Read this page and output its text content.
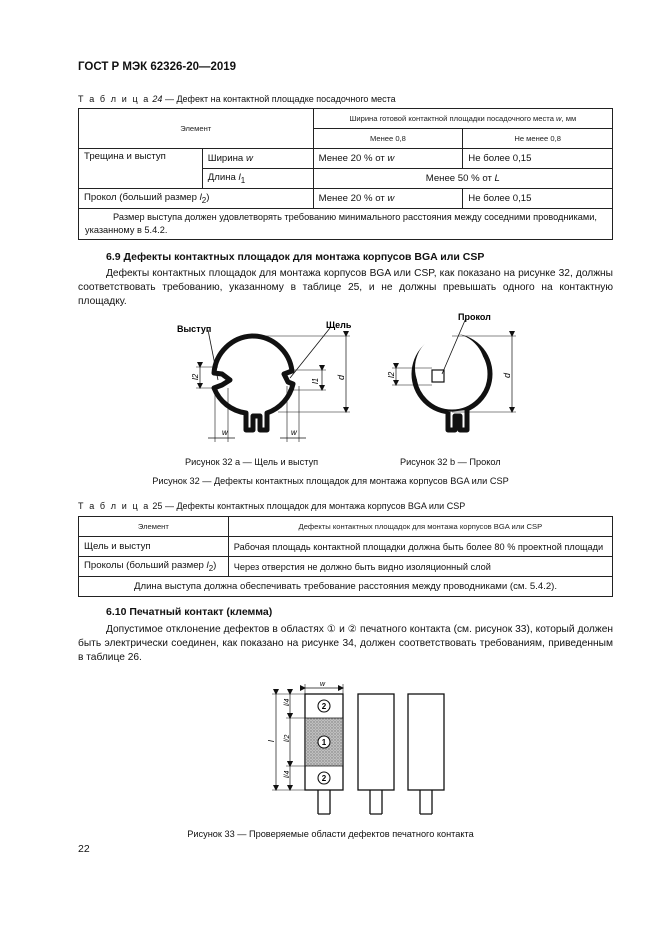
ГОСТ Р МЭК 62326-20—2019
Т а б л и ц а 24 — Дефект на контактной площадке посадочного места
Элемент		Ширина готовой контактной площадки посадочного места w, мм	
		Менее 0,8	Не менее 0,8
Трещина и выступ	Ширина w	Менее 20 % от w	Не более 0,15
	Длина $l_1$	Менее 50 % от L	
Прокол (больший размер $l_2$)		Менее 20 % от w	Не более 0,15
Размер выступа должен удовлетворять требованию минимального расстояния между соседними проводниками, указанному в 5.4.2.			
6.9 Дефекты контактных площадок для монтажа корпусов BGA или CSP
Дефекты контактных площадок для монтажа корпусов BGA или CSP, как показано на рисунке 32, должны соответствовать требованию, указанному в таблице 25, и не должны превышать одного на контактную площадку.
Выступ	Щель
l2
l1
d
w	w
Прокол
l2	d
Рисунок 32 а — Щель и выступ	Рисунок 32 b — Прокол
Рисунок 32 — Дефекты контактных площадок для монтажа корпусов BGA или CSP
Т а б л и ц а 25 — Дефекты контактных площадок для монтажа корпусов BGA или CSP
Элемент	Дефекты контактных площадок для монтажа корпусов BGA или CSP
Щель и выступ	Рабочая площадь контактной площадки должна быть более 80 % проектной площади
Проколы (больший размер $l_2$)	Через отверстия не должно быть видно изоляционный слой
Длина выступа должна обеспечивать требование расстояния между проводниками (см. 5.4.2).	
6.10 Печатный контакт (клемма)
Допустимое отклонение дефектов в областях ① и ② печатного контакта (см. рисунок 33), который должен быть электрически соединен, как показано на рисунке 34, должен соответствовать требованиям, приведенным в таблице 26.
w
2
1
2
l
l/4
l/2
l/4
Рисунок 33 — Проверяемые области дефектов печатного контакта
22
